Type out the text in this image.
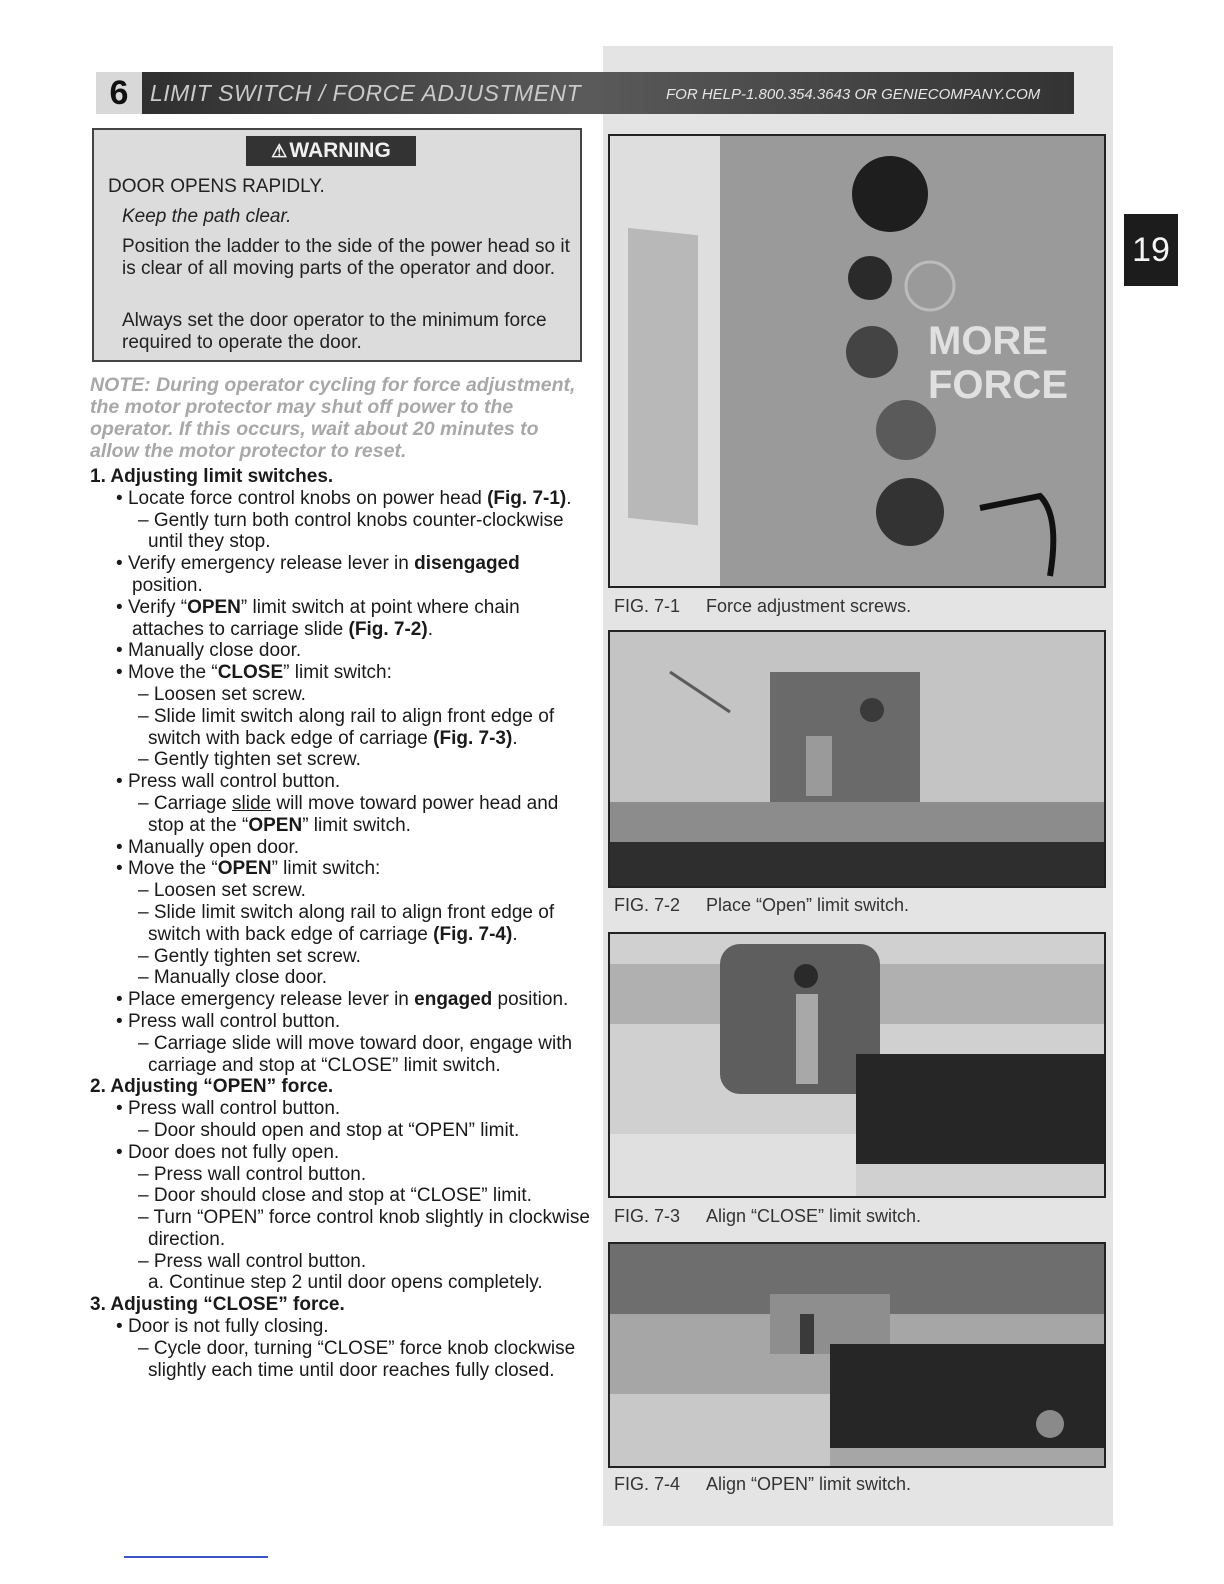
6 LIMIT SWITCH / FORCE ADJUSTMENT	FOR HELP-1.800.354.3643 OR GENIECOMPANY.COM
19
⚠WARNING
DOOR OPENS RAPIDLY.
Keep the path clear.
Position the ladder to the side of the power head so it is clear of all moving parts of the operator and door.
Always set the door operator to the minimum force required to operate the door.
NOTE: During operator cycling for force adjustment, the motor protector may shut off power to the operator. If this occurs, wait about 20 minutes to allow the motor protector to reset.

1. Adjusting limit switches.

• Locate force control knobs on power head (Fig. 7-1).

– Gently turn both control knobs counter-clockwise until they stop.

• Verify emergency release lever in disengaged position.

• Verify “OPEN” limit switch at point where chain attaches to carriage slide (Fig. 7-2).

• Manually close door.

• Move the “CLOSE” limit switch:

– Loosen set screw.

– Slide limit switch along rail to align front edge of switch with back edge of carriage (Fig. 7-3).

– Gently tighten set screw.

• Press wall control button.

– Carriage slide will move toward power head and stop at the “OPEN” limit switch.

• Manually open door.

• Move the “OPEN” limit switch:

– Loosen set screw.

– Slide limit switch along rail to align front edge of switch with back edge of carriage (Fig. 7-4).

– Gently tighten set screw.

– Manually close door.

• Place emergency release lever in engaged position.

• Press wall control button.

– Carriage slide will move toward door, engage with carriage and stop at “CLOSE” limit switch.

2. Adjusting “OPEN” force.

• Press wall control button.

– Door should open and stop at “OPEN” limit.

• Door does not fully open.

– Press wall control button.

– Door should close and stop at “CLOSE” limit.

– Turn “OPEN” force control knob slightly in clockwise direction.

– Press wall control button.

a. Continue step 2 until door opens completely.

3. Adjusting “CLOSE” force.

• Door is not fully closing.

– Cycle door, turning “CLOSE” force knob clockwise slightly each time until door reaches fully closed.

MORE
FORCE
FIG. 7-1 Force adjustment screws.
FIG. 7-2 Place “Open” limit switch.
FIG. 7-3 Align “CLOSE” limit switch.
FIG. 7-4 Align “OPEN” limit switch.
